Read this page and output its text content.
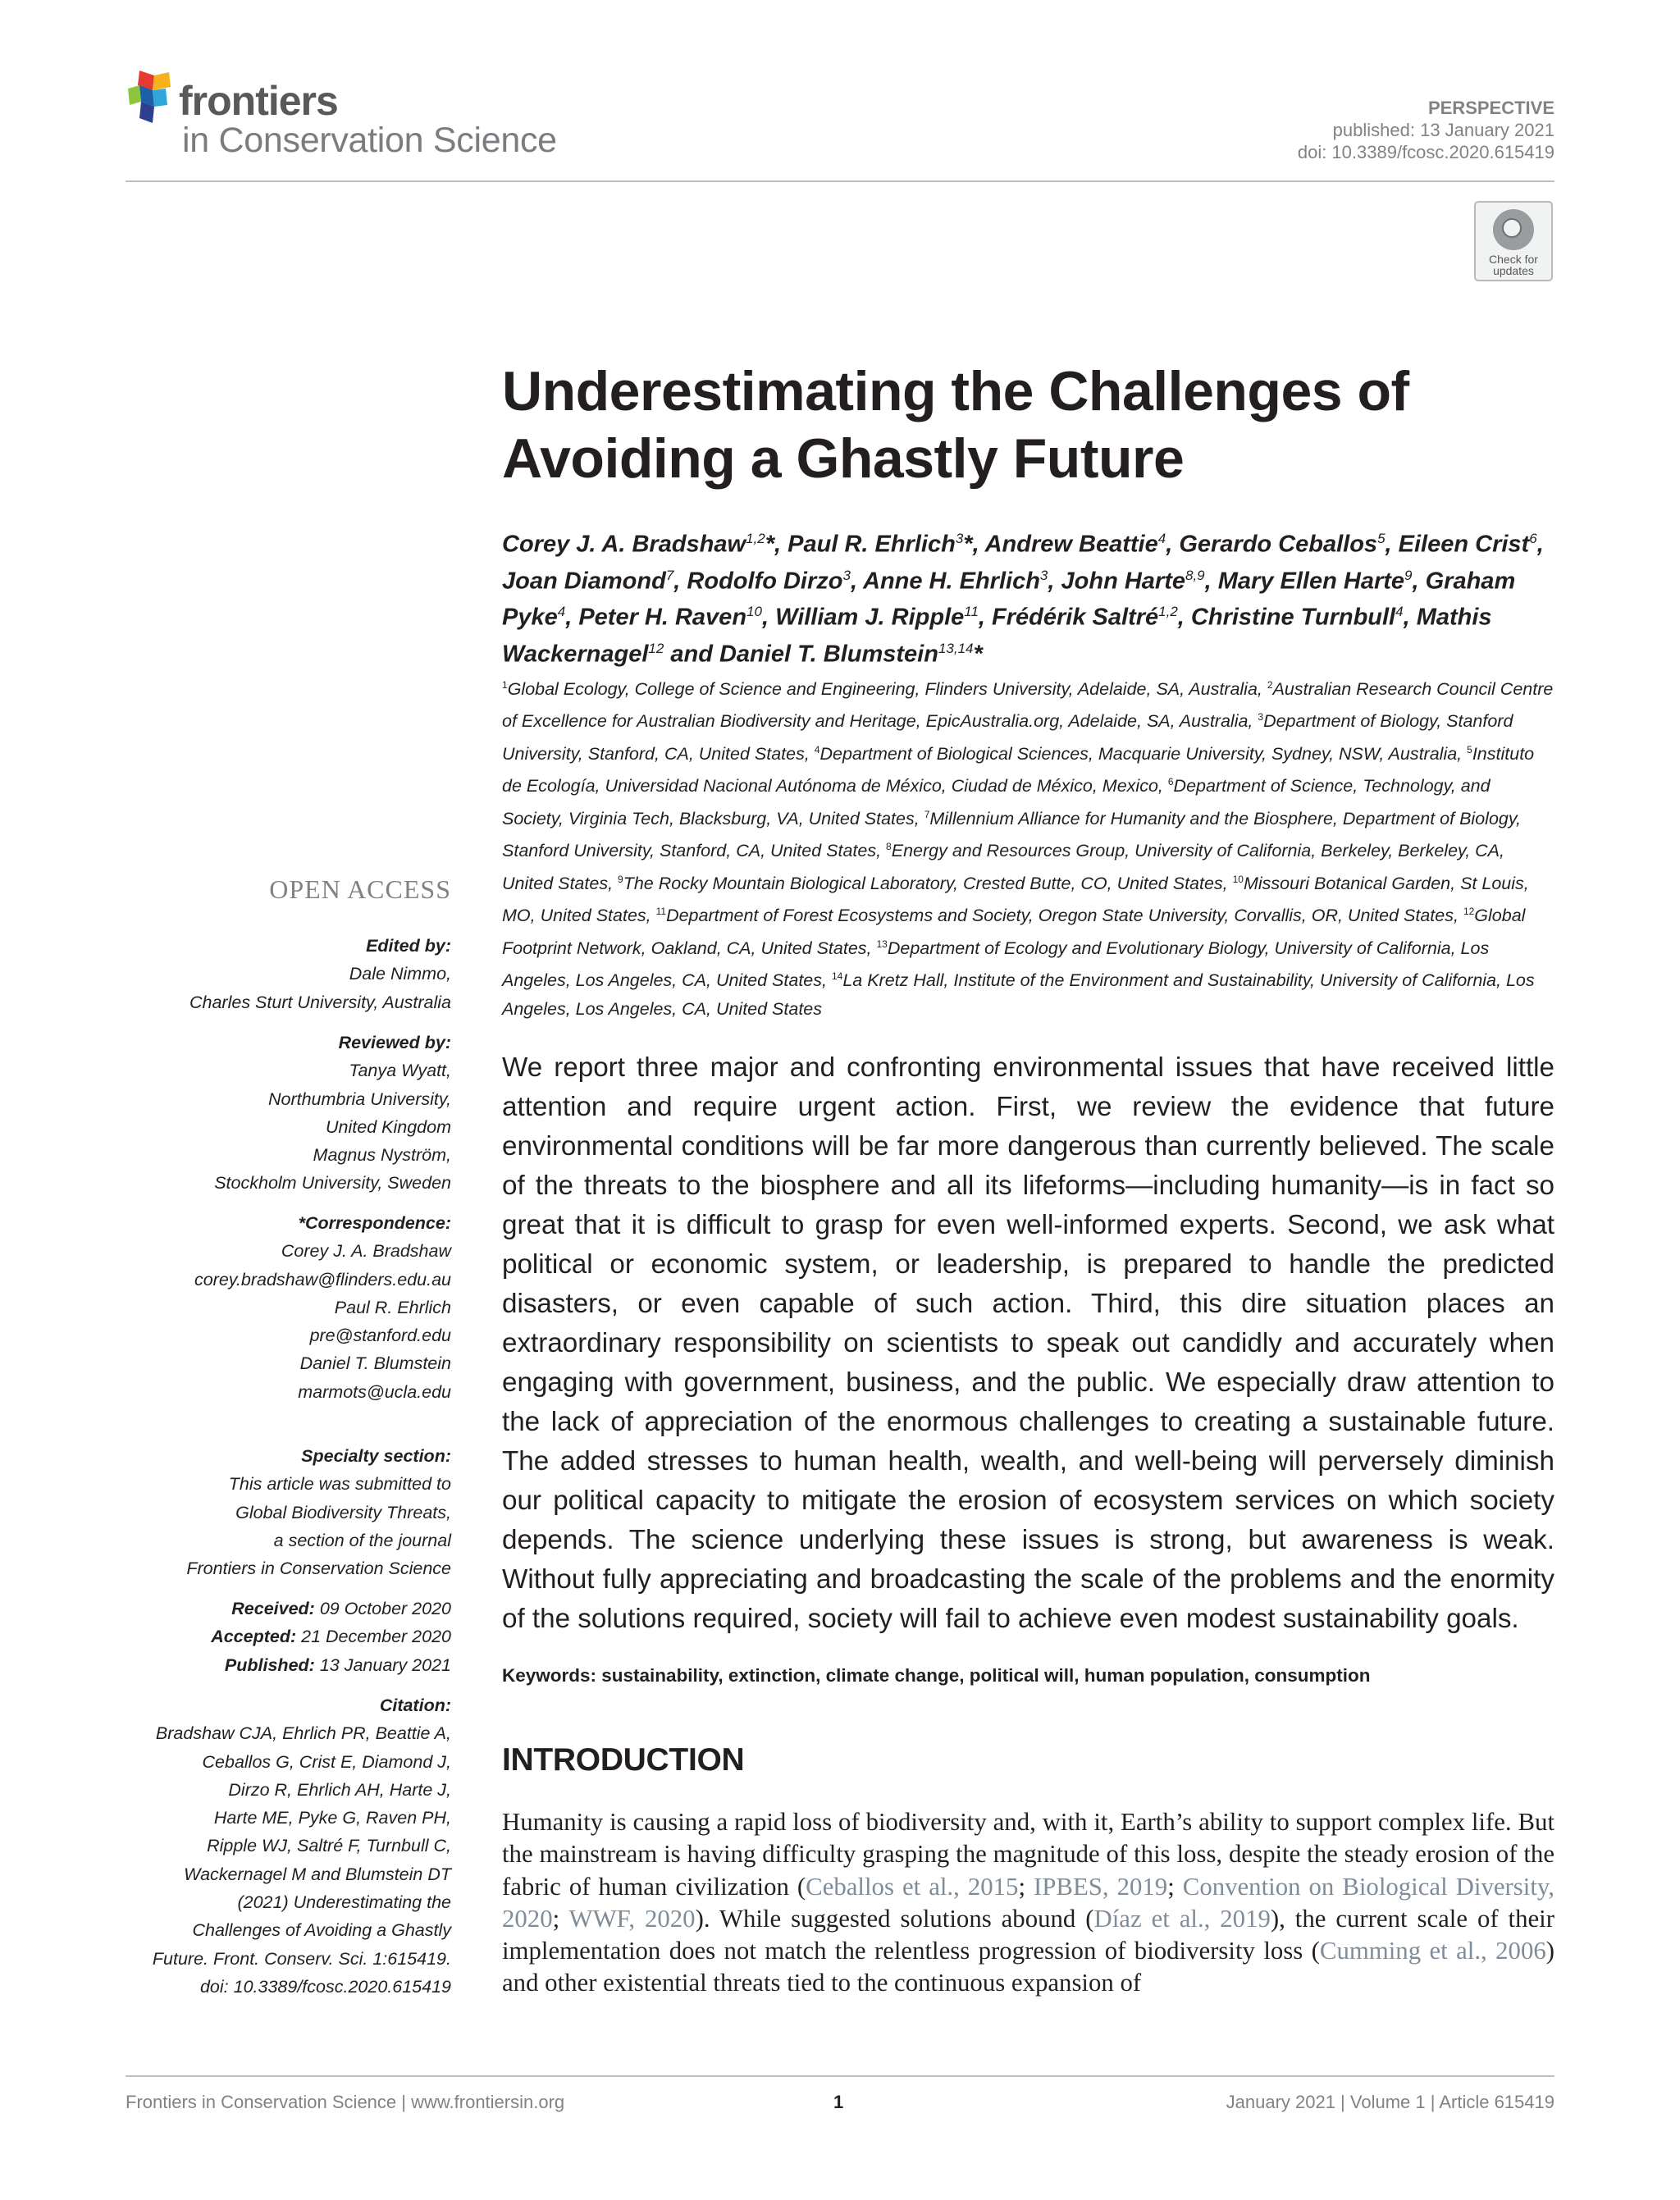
frontiers
in Conservation Science
PERSPECTIVE
published: 13 January 2021
doi: 10.3389/fcosc.2020.615419
Check for
updates
Underestimating the Challenges of
Avoiding a Ghastly Future
Corey J. A. Bradshaw$^{1,2}$*, Paul R. Ehrlich$^3$*, Andrew Beattie$^4$, Gerardo Ceballos$^5$, Eileen Crist$^6$, Joan Diamond$^7$, Rodolfo Dirzo$^3$, Anne H. Ehrlich$^3$, John Harte$^{8,9}$, Mary Ellen Harte$^9$, Graham Pyke$^4$, Peter H. Raven$^{10}$, William J. Ripple$^{11}$, Frédérik Saltré$^{1,2}$, Christine Turnbull$^4$, Mathis Wackernagel$^{12}$ and Daniel T. Blumstein$^{13,14}$*
$^1$Global Ecology, College of Science and Engineering, Flinders University, Adelaide, SA, Australia, $^2$Australian Research Council Centre of Excellence for Australian Biodiversity and Heritage, EpicAustralia.org, Adelaide, SA, Australia, $^3$Department of Biology, Stanford University, Stanford, CA, United States, $^4$Department of Biological Sciences, Macquarie University, Sydney, NSW, Australia, $^5$Instituto de Ecología, Universidad Nacional Autónoma de México, Ciudad de México, Mexico, $^6$Department of Science, Technology, and Society, Virginia Tech, Blacksburg, VA, United States, $^7$Millennium Alliance for Humanity and the Biosphere, Department of Biology, Stanford University, Stanford, CA, United States, $^8$Energy and Resources Group, University of California, Berkeley, Berkeley, CA, United States, $^9$The Rocky Mountain Biological Laboratory, Crested Butte, CO, United States, $^{10}$Missouri Botanical Garden, St Louis, MO, United States, $^{11}$Department of Forest Ecosystems and Society, Oregon State University, Corvallis, OR, United States, $^{12}$Global Footprint Network, Oakland, CA, United States, $^{13}$Department of Ecology and Evolutionary Biology, University of California, Los Angeles, Los Angeles, CA, United States, $^{14}$La Kretz Hall, Institute of the Environment and Sustainability, University of California, Los Angeles, Los Angeles, CA, United States
OPEN ACCESS
Edited by:
Dale Nimmo,
Charles Sturt University, Australia
Reviewed by:
Tanya Wyatt,
Northumbria University,
United Kingdom
Magnus Nyström,
Stockholm University, Sweden
*Correspondence:
Corey J. A. Bradshaw
corey.bradshaw@flinders.edu.au
Paul R. Ehrlich
pre@stanford.edu
Daniel T. Blumstein
marmots@ucla.edu
Specialty section:
This article was submitted to
Global Biodiversity Threats,
a section of the journal
Frontiers in Conservation Science
Received: 09 October 2020
Accepted: 21 December 2020
Published: 13 January 2021
Citation:
Bradshaw CJA, Ehrlich PR, Beattie A,
Ceballos G, Crist E, Diamond J,
Dirzo R, Ehrlich AH, Harte J,
Harte ME, Pyke G, Raven PH,
Ripple WJ, Saltré F, Turnbull C,
Wackernagel M and Blumstein DT
(2021) Underestimating the
Challenges of Avoiding a Ghastly
Future. Front. Conserv. Sci. 1:615419.
doi: 10.3389/fcosc.2020.615419
We report three major and confronting environmental issues that have received little attention and require urgent action. First, we review the evidence that future environmental conditions will be far more dangerous than currently believed. The scale of the threats to the biosphere and all its lifeforms—including humanity—is in fact so great that it is difficult to grasp for even well-informed experts. Second, we ask what political or economic system, or leadership, is prepared to handle the predicted disasters, or even capable of such action. Third, this dire situation places an extraordinary responsibility on scientists to speak out candidly and accurately when engaging with government, business, and the public. We especially draw attention to the lack of appreciation of the enormous challenges to creating a sustainable future. The added stresses to human health, wealth, and well-being will perversely diminish our political capacity to mitigate the erosion of ecosystem services on which society depends. The science underlying these issues is strong, but awareness is weak. Without fully appreciating and broadcasting the scale of the problems and the enormity of the solutions required, society will fail to achieve even modest sustainability goals.
Keywords: sustainability, extinction, climate change, political will, human population, consumption
INTRODUCTION
Humanity is causing a rapid loss of biodiversity and, with it, Earth’s ability to support complex life. But the mainstream is having difficulty grasping the magnitude of this loss, despite the steady erosion of the fabric of human civilization (Ceballos et al., 2015; IPBES, 2019; Convention on Biological Diversity, 2020; WWF, 2020). While suggested solutions abound (Díaz et al., 2019), the current scale of their implementation does not match the relentless progression of biodiversity loss (Cumming et al., 2006) and other existential threats tied to the continuous expansion of
Frontiers in Conservation Science | www.frontiersin.org	1	January 2021 | Volume 1 | Article 615419
